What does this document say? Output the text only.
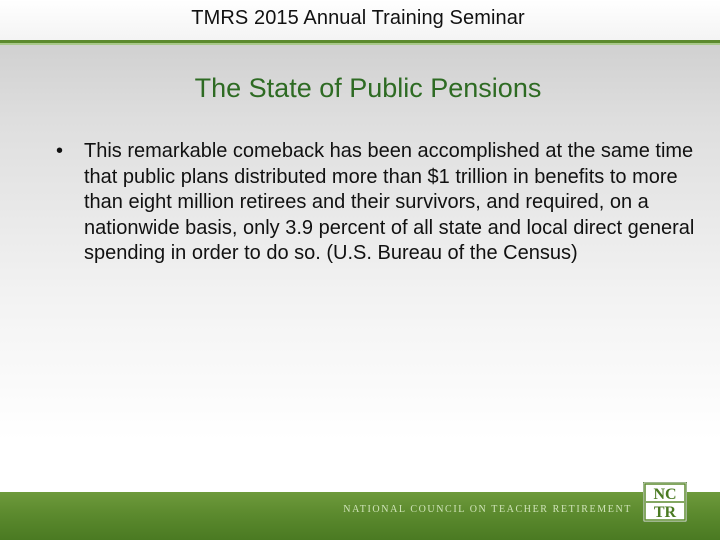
TMRS 2015 Annual Training Seminar
The State of Public Pensions
• This remarkable comeback has been accomplished at the same time that public plans distributed more than $1 trillion in benefits to more than eight million retirees and their survivors, and required, on a nationwide basis, only 3.9 percent of all state and local direct general spending in order to do so. (U.S. Bureau of the Census)
NATIONAL COUNCIL ON TEACHER RETIREMENT
NC
TR
